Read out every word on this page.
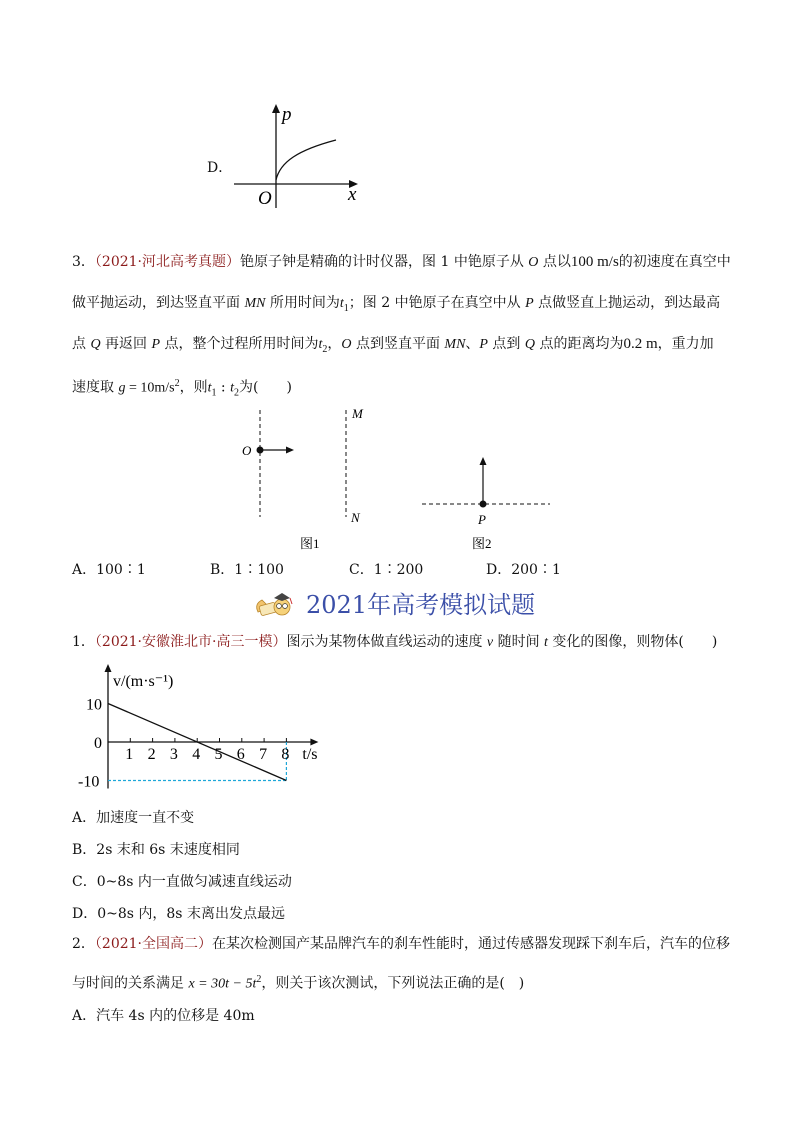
D．
p
x
O
3．（2021·河北高考真题）铯原子钟是精确的计时仪器，图 1 中铯原子从 O 点以100 m/s的初速度在真空中
做平抛运动，到达竖直平面 MN 所用时间为$t_1$；图 2 中铯原子在真空中从 P 点做竖直上抛运动，到达最高
点 Q 再返回 P 点，整个过程所用时间为$t_2$，O 点到竖直平面 MN、P 点到 Q 点的距离均为0.2 m，重力加
速度取 $g = 10m/s^2$，则$t_1$ : $t_2$为(　　)
O
M
N
图1
P
图2
A．100∶1	B．1∶100	C．1∶200	D．200∶1
2021年高考模拟试题
1．（2021·安徽淮北市·高三一模）图示为某物体做直线运动的速度 v 随时间 t 变化的图像，则物体(　　)
1 2 3 4 5 6 7 8
10
0
-10
v/(m·s⁻¹)
t/s
A．加速度一直不变
B．2s 末和 6s 末速度相同
C．0~8s 内一直做匀减速直线运动
D．0~8s 内，8s 末离出发点最远
2．（2021·全国高二）在某次检测国产某品牌汽车的刹车性能时，通过传感器发现踩下刹车后，汽车的位移
与时间的关系满足 $x = 30t - 5t^2$，则关于该次测试，下列说法正确的是(　)
A．汽车 4s 内的位移是 40m
